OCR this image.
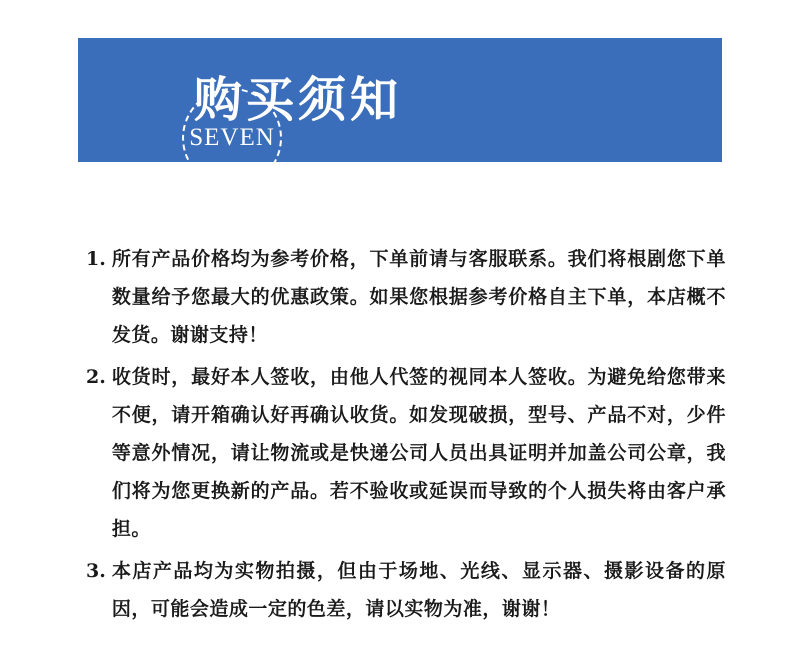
SEVEN
购买须知
1. 所有产品价格均为参考价格，下单前请与客服联系。我们将根剧您下单数量给予您最大的优惠政策。如果您根据参考价格自主下单，本店概不发货。谢谢支持！
2. 收货时，最好本人签收，由他人代签的视同本人签收。为避免给您带来不便，请开箱确认好再确认收货。如发现破损，型号、产品不对，少件等意外情况，请让物流或是快递公司人员出具证明并加盖公司公章，我们将为您更换新的产品。若不验收或延误而导致的个人损失将由客户承担。
3. 本店产品均为实物拍摄，但由于场地、光线、显示器、摄影设备的原因，可能会造成一定的色差，请以实物为准，谢谢！
